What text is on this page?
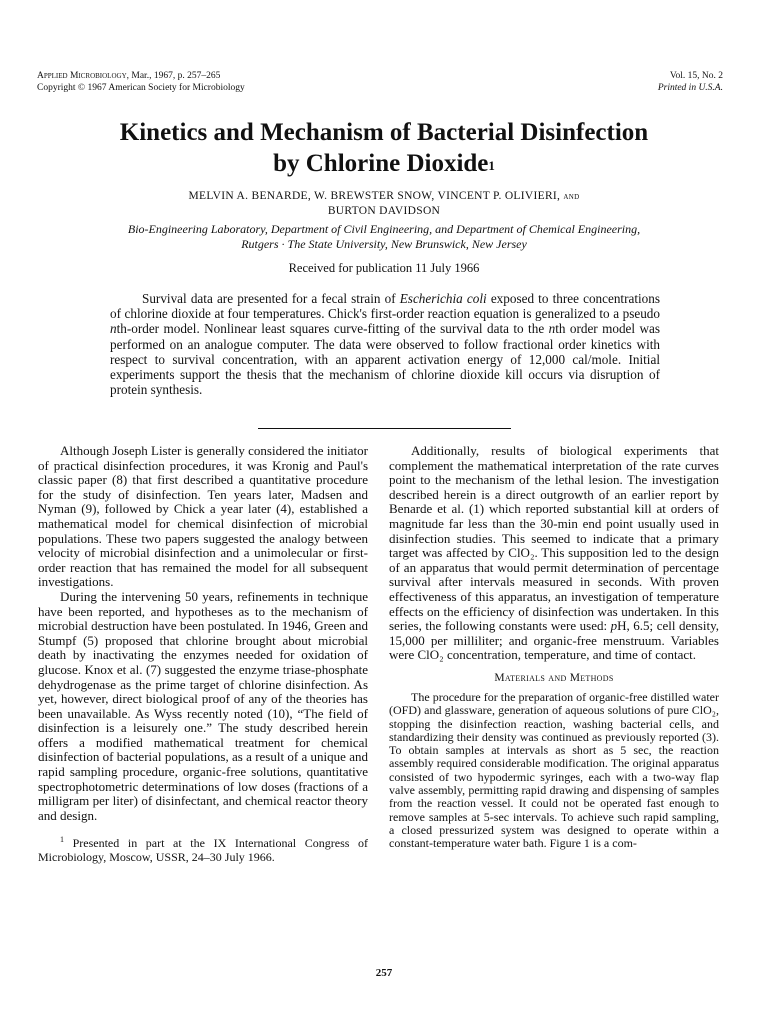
Applied Microbiology, Mar., 1967, p. 257–265
Copyright © 1967 American Society for Microbiology
Vol. 15, No. 2
Printed in U.S.A.
Kinetics and Mechanism of Bacterial Disinfection
by Chlorine Dioxide$^1$
MELVIN A. BENARDE, W. BREWSTER SNOW, VINCENT P. OLIVIERI, and
BURTON DAVIDSON
Bio-Engineering Laboratory, Department of Civil Engineering, and Department of Chemical Engineering,
Rutgers · The State University, New Brunswick, New Jersey
Received for publication 11 July 1966

Survival data are presented for a fecal strain of Escherichia coli exposed to three concentrations of chlorine dioxide at four temperatures. Chick's first-order reaction equation is generalized to a pseudo nth-order model. Nonlinear least squares curve-fitting of the survival data to the nth order model was performed on an analogue computer. The data were observed to follow fractional order kinetics with respect to survival concentration, with an apparent activation energy of 12,000 cal/mole. Initial experiments support the thesis that the mechanism of chlorine dioxide kill occurs via disruption of protein synthesis.

Although Joseph Lister is generally considered the initiator of practical disinfection procedures, it was Kronig and Paul's classic paper (8) that first described a quantitative procedure for the study of disinfection. Ten years later, Madsen and Nyman (9), followed by Chick a year later (4), established a mathematical model for chemical disinfection of microbial populations. These two papers suggested the analogy between velocity of microbial disinfection and a unimolecular or first-order reaction that has remained the model for all subsequent investigations.

During the intervening 50 years, refinements in technique have been reported, and hypotheses as to the mechanism of microbial destruction have been postulated. In 1946, Green and Stumpf (5) proposed that chlorine brought about microbial death by inactivating the enzymes needed for oxidation of glucose. Knox et al. (7) suggested the enzyme triase-phosphate dehydrogenase as the prime target of chlorine disinfection. As yet, however, direct biological proof of any of the theories has been unavailable. As Wyss recently noted (10), “The field of disinfection is a leisurely one.” The study described herein offers a modified mathematical treatment for chemical disinfection of bacterial populations, as a result of a unique and rapid sampling procedure, organic-free solutions, quantitative spectrophotometric determinations of low doses (fractions of a milligram per liter) of disinfectant, and chemical reactor theory and design.

$^1$ Presented in part at the IX International Congress of Microbiology, Moscow, USSR, 24–30 July 1966.

Additionally, results of biological experiments that complement the mathematical interpretation of the rate curves point to the mechanism of the lethal lesion. The investigation described herein is a direct outgrowth of an earlier report by Benarde et al. (1) which reported substantial kill at orders of magnitude far less than the 30-min end point usually used in disinfection studies. This seemed to indicate that a primary target was affected by ClO₂. This supposition led to the design of an apparatus that would permit determination of percentage survival after intervals measured in seconds. With proven effectiveness of this apparatus, an investigation of temperature effects on the efficiency of disinfection was undertaken. In this series, the following constants were used: pH, 6.5; cell density, 15,000 per milliliter; and organic-free menstruum. Variables were ClO₂ concentration, temperature, and time of contact.

Materials and Methods

The procedure for the preparation of organic-free distilled water (OFD) and glassware, generation of aqueous solutions of pure ClO₂, stopping the disinfection reaction, washing bacterial cells, and standardizing their density was continued as previously reported (3). To obtain samples at intervals as short as 5 sec, the reaction assembly required considerable modification. The original apparatus consisted of two hypodermic syringes, each with a two-way flap valve assembly, permitting rapid drawing and dispensing of samples from the reaction vessel. It could not be operated fast enough to remove samples at 5-sec intervals. To achieve such rapid sampling, a closed pressurized system was designed to operate within a constant-temperature water bath. Figure 1 is a com-

257
